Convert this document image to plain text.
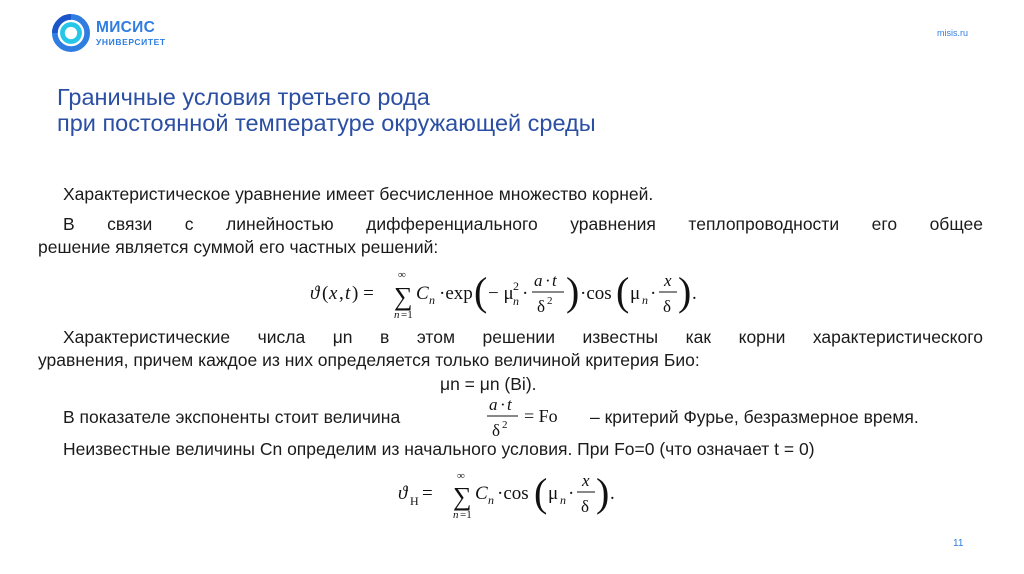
МИСИС
УНИВЕРСИТЕТ
misis.ru
Граничные условия третьего рода
при постоянной температуре окружающей среды
Характеристическое уравнение имеет бесчисленное множество корней.
В связи с линейностью дифференциального уравнения теплопроводности его общее
решение является суммой его частных решений:
ϑ ( x , t ) =
∞
∑
n =1
C n ·exp ( − μ 2
n ·
a · t
δ 2 ) ·cos ( μ n ·
x
δ ) .
Характеристические числа μn в этом решении известны как корни характеристического
уравнения, причем каждое из них определяется только величиной критерия Био:
μn = μn (Bi).
В показателе экспоненты стоит величина
a · t
δ 2 = Fo – критерий Фурье, безразмерное время.
Неизвестные величины Cn определим из начального условия. При Fo=0 (что означает t = 0)
ϑ Н =
∞
∑
n =1
C n ·cos ( μ n ·
x
δ ) .
11
